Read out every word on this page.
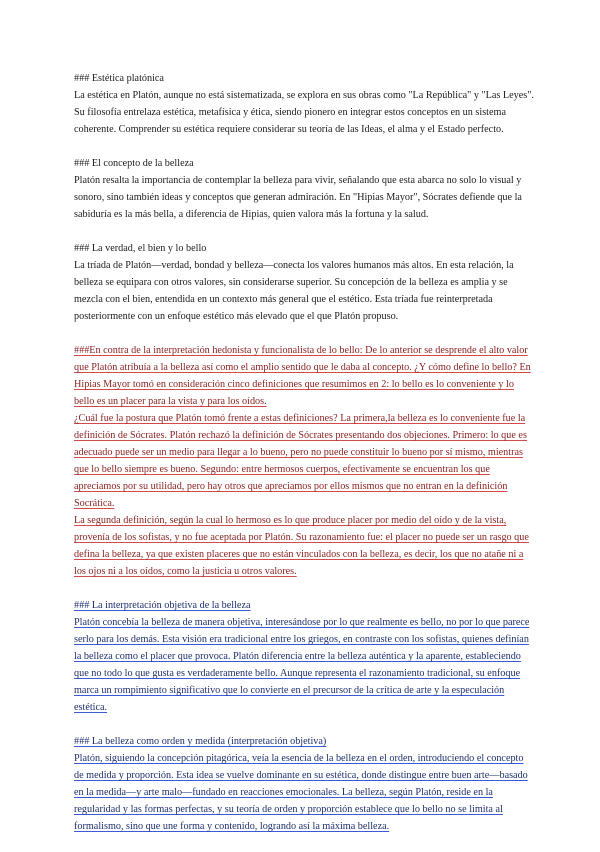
### Estética platónica

La estética en Platón, aunque no está sistematizada, se explora en sus obras como "La República" y "Las Leyes". Su filosofía entrelaza estética, metafísica y ética, siendo pionero en integrar estos conceptos en un sistema coherente. Comprender su estética requiere considerar su teoría de las Ideas, el alma y el Estado perfecto.

### El concepto de la belleza

Platón resalta la importancia de contemplar la belleza para vivir, señalando que esta abarca no solo lo visual y sonoro, sino también ideas y conceptos que generan admiración. En "Hipias Mayor", Sócrates defiende que la sabiduría es la más bella, a diferencia de Hipias, quien valora más la fortuna y la salud.

### La verdad, el bien y lo bello

La tríada de Platón—verdad, bondad y belleza—conecta los valores humanos más altos. En esta relación, la belleza se equipara con otros valores, sin considerarse superior. Su concepción de la belleza es amplia y se mezcla con el bien, entendida en un contexto más general que el estético. Esta tríada fue reinterpretada posteriormente con un enfoque estético más elevado que el que Platón propuso.

###En contra de la interpretación hedonista y funcionalista de lo bello: De lo anterior se desprende el alto valor que Platón atribuía a la belleza así como el amplio sentido que le daba al concepto. ¿Y cómo define lo bello? En Hipias Mayor tomó en consideración cinco definiciones que resumimos en 2: lo bello es lo conveniente y lo bello es un placer para la vista y para los oídos.

¿Cuál fue la postura que Platón tomó frente a estas definiciones? La primera,la belleza es lo conveniente fue la definición de Sócrates. Platón rechazó la definición de Sócrates presentando dos objeciones. Primero: lo que es adecuado puede ser un medio para llegar a lo bueno, pero no puede constituir lo bueno por sí mismo, mientras que lo bello siempre es bueno. Segundo: entre hermosos cuerpos, efectivamente se encuentran los que apreciamos por su utilidad, pero hay otros que apreciamos por ellos mismos que no entran en la definición Socrática.

La segunda definición, según la cual lo hermoso es lo que produce placer por medio del oído y de la vista, provenía de los sofistas, y no fue aceptada por Platón. Su razonamiento fue: el placer no puede ser un rasgo que defina la belleza, ya que existen placeres que no están vinculados con la belleza, es decir, los que no atañe ni a los ojos ni a los oídos, como la justicia u otros valores.

### La interpretación objetiva de la belleza

Platón concebía la belleza de manera objetiva, interesándose por lo que realmente es bello, no por lo que parece serlo para los demás. Esta visión era tradicional entre los griegos, en contraste con los sofistas, quienes definían la belleza como el placer que provoca. Platón diferencia entre la belleza auténtica y la aparente, estableciendo que no todo lo que gusta es verdaderamente bello. Aunque representa el razonamiento tradicional, su enfoque marca un rompimiento significativo que lo convierte en el precursor de la crítica de arte y la especulación estética.

### La belleza como orden y medida (interpretación objetiva)

Platón, siguiendo la concepción pitagórica, veía la esencia de la belleza en el orden, introduciendo el concepto de medida y proporción. Esta idea se vuelve dominante en su estética, donde distingue entre buen arte—basado en la medida—y arte malo—fundado en reacciones emocionales. La belleza, según Platón, reside en la regularidad y las formas perfectas, y su teoría de orden y proporción establece que lo bello no se limita al formalismo, sino que une forma y contenido, logrando así la máxima belleza.
